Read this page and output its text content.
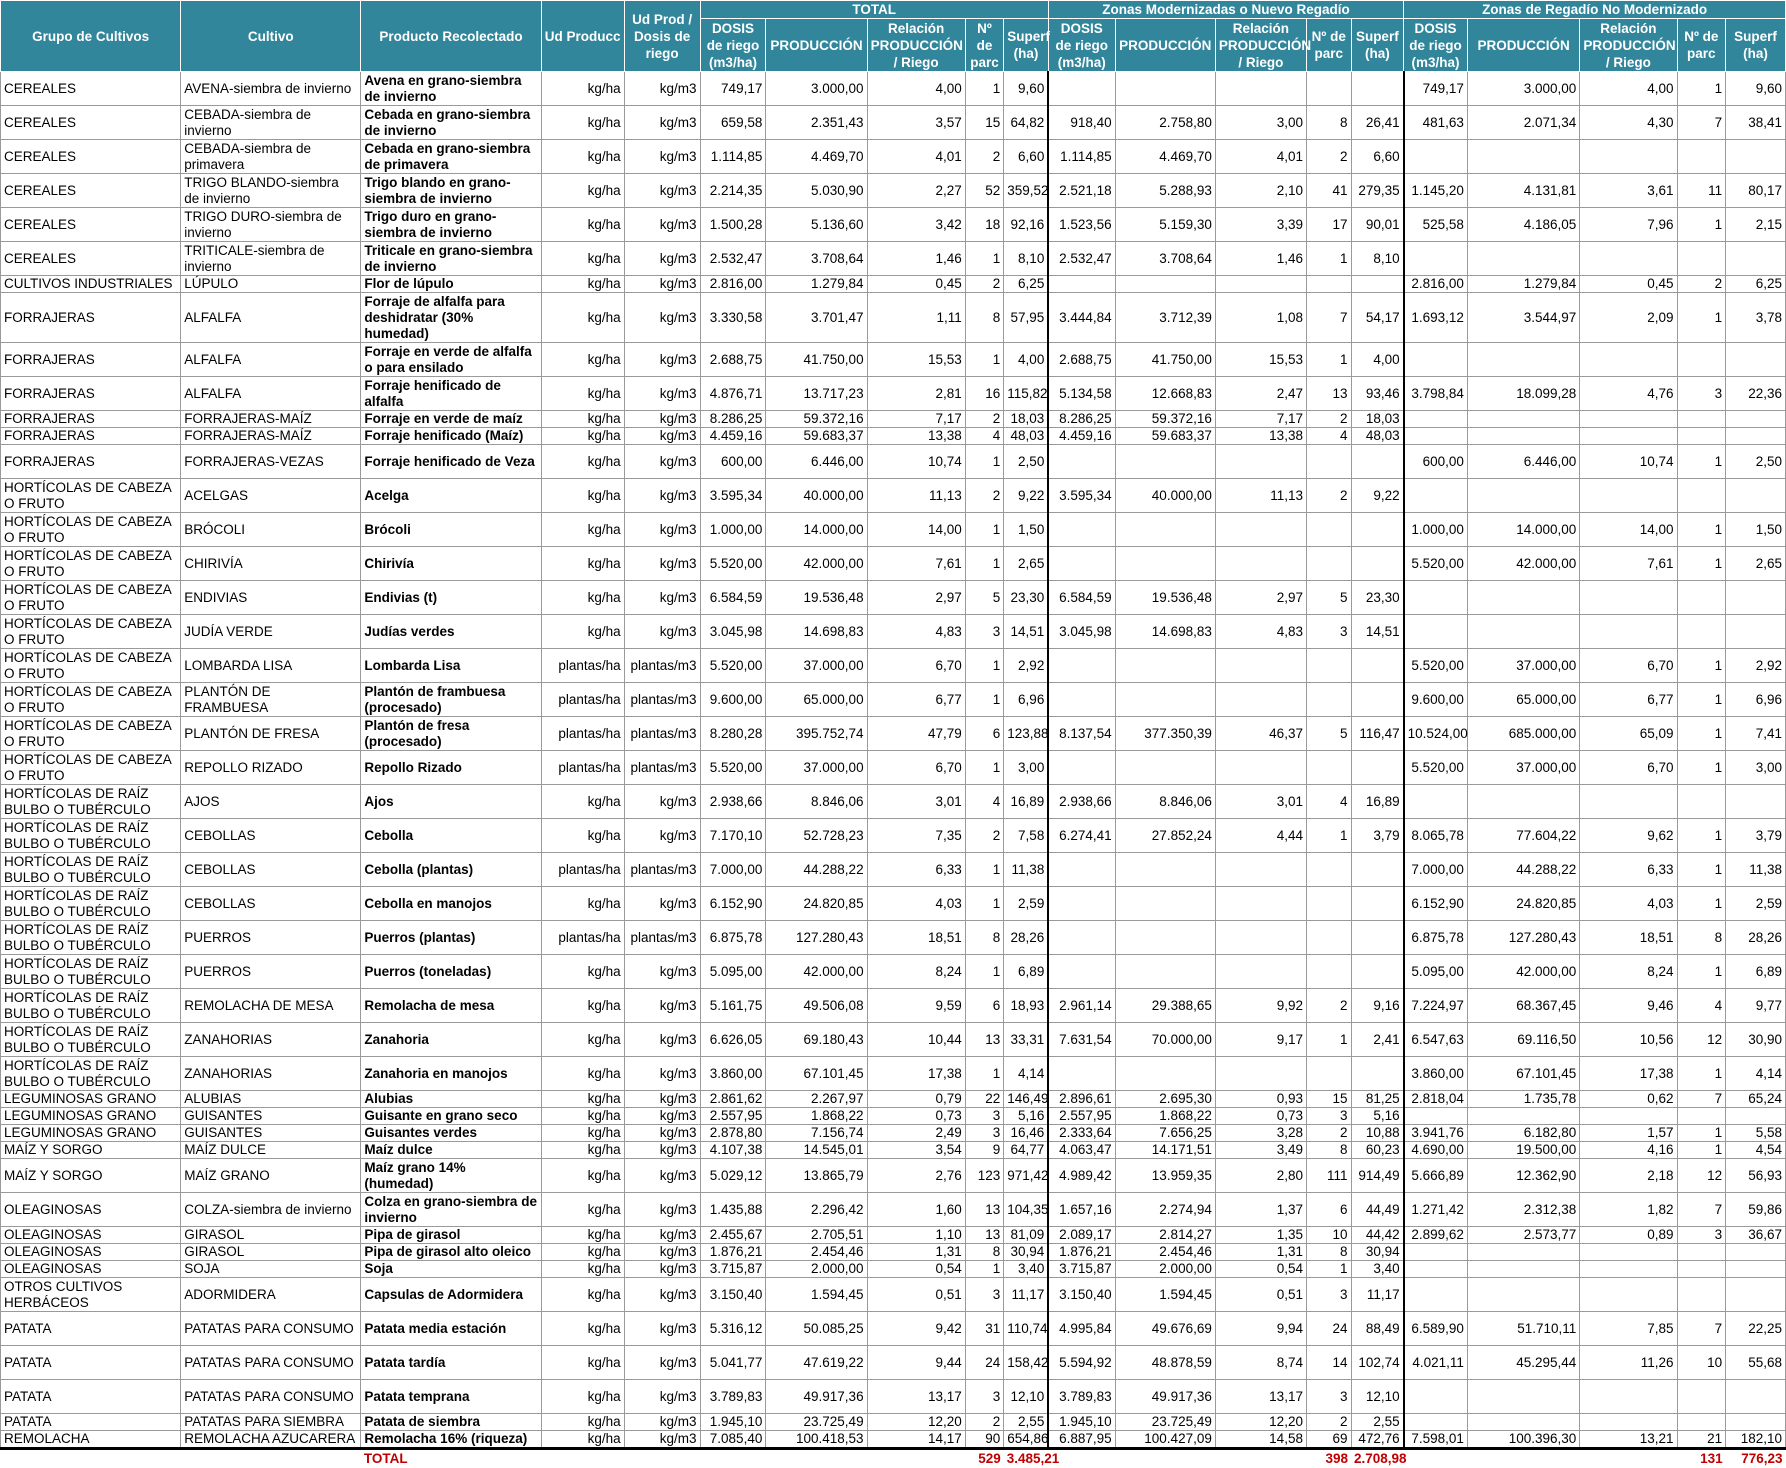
Grupo de Cultivos	Cultivo	Producto Recolectado	Ud Producc	Ud Prod / Dosis de riego	TOTAL					Zonas Modernizadas o Nuevo Regadío					Zonas de Regadío No Modernizado				
					DOSIS de riego (m3/ha)	PRODUCCIÓN	Relación PRODUCCIÓN / Riego	Nº de parc	Superf (ha)	DOSIS de riego (m3/ha)	PRODUCCIÓN	Relación PRODUCCIÓN / Riego	Nº de parc	Superf (ha)	DOSIS de riego (m3/ha)	PRODUCCIÓN	Relación PRODUCCIÓN / Riego	Nº de parc	Superf (ha)
CEREALES	AVENA-siembra de invierno	Avena en grano-siembra de invierno	kg/ha	kg/m3	749,17	3.000,00	4,00	1	9,60						749,17	3.000,00	4,00	1	9,60
CEREALES	CEBADA-siembra de invierno	Cebada en grano-siembra de invierno	kg/ha	kg/m3	659,58	2.351,43	3,57	15	64,82	918,40	2.758,80	3,00	8	26,41	481,63	2.071,34	4,30	7	38,41
CEREALES	CEBADA-siembra de primavera	Cebada en grano-siembra de primavera	kg/ha	kg/m3	1.114,85	4.469,70	4,01	2	6,60	1.114,85	4.469,70	4,01	2	6,60					
CEREALES	TRIGO BLANDO-siembra de invierno	Trigo blando en grano-siembra de invierno	kg/ha	kg/m3	2.214,35	5.030,90	2,27	52	359,52	2.521,18	5.288,93	2,10	41	279,35	1.145,20	4.131,81	3,61	11	80,17
CEREALES	TRIGO DURO-siembra de invierno	Trigo duro en grano-siembra de invierno	kg/ha	kg/m3	1.500,28	5.136,60	3,42	18	92,16	1.523,56	5.159,30	3,39	17	90,01	525,58	4.186,05	7,96	1	2,15
CEREALES	TRITICALE-siembra de invierno	Triticale en grano-siembra de invierno	kg/ha	kg/m3	2.532,47	3.708,64	1,46	1	8,10	2.532,47	3.708,64	1,46	1	8,10					
CULTIVOS INDUSTRIALES	LÚPULO	Flor de lúpulo	kg/ha	kg/m3	2.816,00	1.279,84	0,45	2	6,25						2.816,00	1.279,84	0,45	2	6,25
FORRAJERAS	ALFALFA	Forraje de alfalfa para deshidratar (30% humedad)	kg/ha	kg/m3	3.330,58	3.701,47	1,11	8	57,95	3.444,84	3.712,39	1,08	7	54,17	1.693,12	3.544,97	2,09	1	3,78
FORRAJERAS	ALFALFA	Forraje en verde de alfalfa o para ensilado	kg/ha	kg/m3	2.688,75	41.750,00	15,53	1	4,00	2.688,75	41.750,00	15,53	1	4,00					
FORRAJERAS	ALFALFA	Forraje henificado de alfalfa	kg/ha	kg/m3	4.876,71	13.717,23	2,81	16	115,82	5.134,58	12.668,83	2,47	13	93,46	3.798,84	18.099,28	4,76	3	22,36
FORRAJERAS	FORRAJERAS-MAÍZ	Forraje en verde de maíz	kg/ha	kg/m3	8.286,25	59.372,16	7,17	2	18,03	8.286,25	59.372,16	7,17	2	18,03					
FORRAJERAS	FORRAJERAS-MAÍZ	Forraje henificado (Maíz)	kg/ha	kg/m3	4.459,16	59.683,37	13,38	4	48,03	4.459,16	59.683,37	13,38	4	48,03					
FORRAJERAS	FORRAJERAS-VEZAS	Forraje henificado de Veza	kg/ha	kg/m3	600,00	6.446,00	10,74	1	2,50						600,00	6.446,00	10,74	1	2,50
HORTÍCOLAS DE CABEZA O FRUTO	ACELGAS	Acelga	kg/ha	kg/m3	3.595,34	40.000,00	11,13	2	9,22	3.595,34	40.000,00	11,13	2	9,22					
HORTÍCOLAS DE CABEZA O FRUTO	BRÓCOLI	Brócoli	kg/ha	kg/m3	1.000,00	14.000,00	14,00	1	1,50						1.000,00	14.000,00	14,00	1	1,50
HORTÍCOLAS DE CABEZA O FRUTO	CHIRIVÍA	Chirivía	kg/ha	kg/m3	5.520,00	42.000,00	7,61	1	2,65						5.520,00	42.000,00	7,61	1	2,65
HORTÍCOLAS DE CABEZA O FRUTO	ENDIVIAS	Endivias (t)	kg/ha	kg/m3	6.584,59	19.536,48	2,97	5	23,30	6.584,59	19.536,48	2,97	5	23,30					
HORTÍCOLAS DE CABEZA O FRUTO	JUDÍA VERDE	Judías verdes	kg/ha	kg/m3	3.045,98	14.698,83	4,83	3	14,51	3.045,98	14.698,83	4,83	3	14,51					
HORTÍCOLAS DE CABEZA O FRUTO	LOMBARDA LISA	Lombarda Lisa	plantas/ha	plantas/m3	5.520,00	37.000,00	6,70	1	2,92						5.520,00	37.000,00	6,70	1	2,92
HORTÍCOLAS DE CABEZA O FRUTO	PLANTÓN DE FRAMBUESA	Plantón de frambuesa (procesado)	plantas/ha	plantas/m3	9.600,00	65.000,00	6,77	1	6,96						9.600,00	65.000,00	6,77	1	6,96
HORTÍCOLAS DE CABEZA O FRUTO	PLANTÓN DE FRESA	Plantón de fresa (procesado)	plantas/ha	plantas/m3	8.280,28	395.752,74	47,79	6	123,88	8.137,54	377.350,39	46,37	5	116,47	10.524,00	685.000,00	65,09	1	7,41
HORTÍCOLAS DE CABEZA O FRUTO	REPOLLO RIZADO	Repollo Rizado	plantas/ha	plantas/m3	5.520,00	37.000,00	6,70	1	3,00						5.520,00	37.000,00	6,70	1	3,00
HORTÍCOLAS DE RAÍZ BULBO O TUBÉRCULO	AJOS	Ajos	kg/ha	kg/m3	2.938,66	8.846,06	3,01	4	16,89	2.938,66	8.846,06	3,01	4	16,89					
HORTÍCOLAS DE RAÍZ BULBO O TUBÉRCULO	CEBOLLAS	Cebolla	kg/ha	kg/m3	7.170,10	52.728,23	7,35	2	7,58	6.274,41	27.852,24	4,44	1	3,79	8.065,78	77.604,22	9,62	1	3,79
HORTÍCOLAS DE RAÍZ BULBO O TUBÉRCULO	CEBOLLAS	Cebolla (plantas)	plantas/ha	plantas/m3	7.000,00	44.288,22	6,33	1	11,38						7.000,00	44.288,22	6,33	1	11,38
HORTÍCOLAS DE RAÍZ BULBO O TUBÉRCULO	CEBOLLAS	Cebolla en manojos	kg/ha	kg/m3	6.152,90	24.820,85	4,03	1	2,59						6.152,90	24.820,85	4,03	1	2,59
HORTÍCOLAS DE RAÍZ BULBO O TUBÉRCULO	PUERROS	Puerros (plantas)	plantas/ha	plantas/m3	6.875,78	127.280,43	18,51	8	28,26						6.875,78	127.280,43	18,51	8	28,26
HORTÍCOLAS DE RAÍZ BULBO O TUBÉRCULO	PUERROS	Puerros (toneladas)	kg/ha	kg/m3	5.095,00	42.000,00	8,24	1	6,89						5.095,00	42.000,00	8,24	1	6,89
HORTÍCOLAS DE RAÍZ BULBO O TUBÉRCULO	REMOLACHA DE MESA	Remolacha de mesa	kg/ha	kg/m3	5.161,75	49.506,08	9,59	6	18,93	2.961,14	29.388,65	9,92	2	9,16	7.224,97	68.367,45	9,46	4	9,77
HORTÍCOLAS DE RAÍZ BULBO O TUBÉRCULO	ZANAHORIAS	Zanahoria	kg/ha	kg/m3	6.626,05	69.180,43	10,44	13	33,31	7.631,54	70.000,00	9,17	1	2,41	6.547,63	69.116,50	10,56	12	30,90
HORTÍCOLAS DE RAÍZ BULBO O TUBÉRCULO	ZANAHORIAS	Zanahoria en manojos	kg/ha	kg/m3	3.860,00	67.101,45	17,38	1	4,14						3.860,00	67.101,45	17,38	1	4,14
LEGUMINOSAS GRANO	ALUBIAS	Alubias	kg/ha	kg/m3	2.861,62	2.267,97	0,79	22	146,49	2.896,61	2.695,30	0,93	15	81,25	2.818,04	1.735,78	0,62	7	65,24
LEGUMINOSAS GRANO	GUISANTES	Guisante en grano seco	kg/ha	kg/m3	2.557,95	1.868,22	0,73	3	5,16	2.557,95	1.868,22	0,73	3	5,16					
LEGUMINOSAS GRANO	GUISANTES	Guisantes verdes	kg/ha	kg/m3	2.878,80	7.156,74	2,49	3	16,46	2.333,64	7.656,25	3,28	2	10,88	3.941,76	6.182,80	1,57	1	5,58
MAÍZ Y SORGO	MAÍZ DULCE	Maíz dulce	kg/ha	kg/m3	4.107,38	14.545,01	3,54	9	64,77	4.063,47	14.171,51	3,49	8	60,23	4.690,00	19.500,00	4,16	1	4,54
MAÍZ Y SORGO	MAÍZ GRANO	Maíz grano 14% (humedad)	kg/ha	kg/m3	5.029,12	13.865,79	2,76	123	971,42	4.989,42	13.959,35	2,80	111	914,49	5.666,89	12.362,90	2,18	12	56,93
OLEAGINOSAS	COLZA-siembra de invierno	Colza en grano-siembra de invierno	kg/ha	kg/m3	1.435,88	2.296,42	1,60	13	104,35	1.657,16	2.274,94	1,37	6	44,49	1.271,42	2.312,38	1,82	7	59,86
OLEAGINOSAS	GIRASOL	Pipa de girasol	kg/ha	kg/m3	2.455,67	2.705,51	1,10	13	81,09	2.089,17	2.814,27	1,35	10	44,42	2.899,62	2.573,77	0,89	3	36,67
OLEAGINOSAS	GIRASOL	Pipa de girasol alto oleico	kg/ha	kg/m3	1.876,21	2.454,46	1,31	8	30,94	1.876,21	2.454,46	1,31	8	30,94					
OLEAGINOSAS	SOJA	Soja	kg/ha	kg/m3	3.715,87	2.000,00	0,54	1	3,40	3.715,87	2.000,00	0,54	1	3,40					
OTROS CULTIVOS HERBÁCEOS	ADORMIDERA	Capsulas de Adormidera	kg/ha	kg/m3	3.150,40	1.594,45	0,51	3	11,17	3.150,40	1.594,45	0,51	3	11,17					
PATATA	PATATAS PARA CONSUMO	Patata media estación	kg/ha	kg/m3	5.316,12	50.085,25	9,42	31	110,74	4.995,84	49.676,69	9,94	24	88,49	6.589,90	51.710,11	7,85	7	22,25
PATATA	PATATAS PARA CONSUMO	Patata tardía	kg/ha	kg/m3	5.041,77	47.619,22	9,44	24	158,42	5.594,92	48.878,59	8,74	14	102,74	4.021,11	45.295,44	11,26	10	55,68
PATATA	PATATAS PARA CONSUMO	Patata temprana	kg/ha	kg/m3	3.789,83	49.917,36	13,17	3	12,10	3.789,83	49.917,36	13,17	3	12,10					
PATATA	PATATAS PARA SIEMBRA	Patata de siembra	kg/ha	kg/m3	1.945,10	23.725,49	12,20	2	2,55	1.945,10	23.725,49	12,20	2	2,55					
REMOLACHA	REMOLACHA AZUCARERA	Remolacha 16% (riqueza)	kg/ha	kg/m3	7.085,40	100.418,53	14,17	90	654,86	6.887,95	100.427,09	14,58	69	472,76	7.598,01	100.396,30	13,21	21	182,10
		TOTAL						529	3.485,21				398	2.708,98				131	776,23
